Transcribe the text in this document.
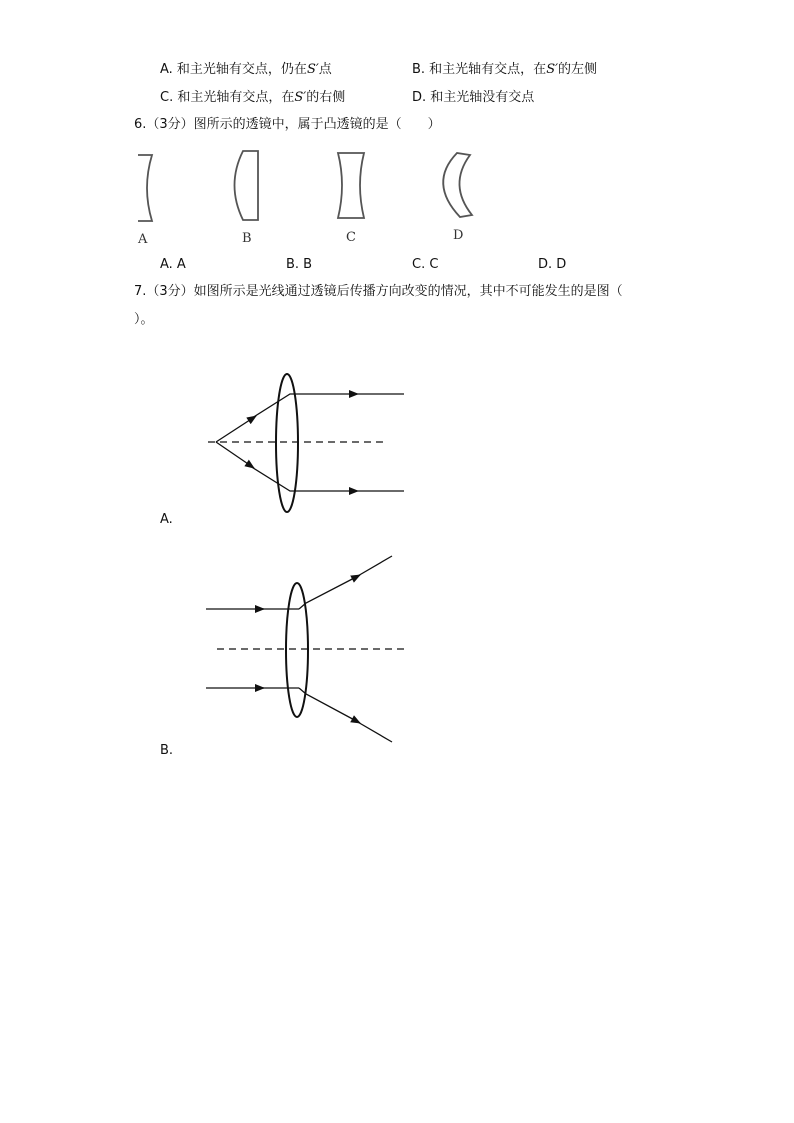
A. 和主光轴有交点，仍在S′点	B. 和主光轴有交点，在S′的左侧
C. 和主光轴有交点，在S′的右侧	D. 和主光轴没有交点
6.（3分）图所示的透镜中，属于凸透镜的是（　　）
A	B	C	D
A. A	B. B	C. C	D. D
7.（3分）如图所示是光线通过透镜后传播方向改变的情况，其中不可能发生的是图（
）。
A.
B.
